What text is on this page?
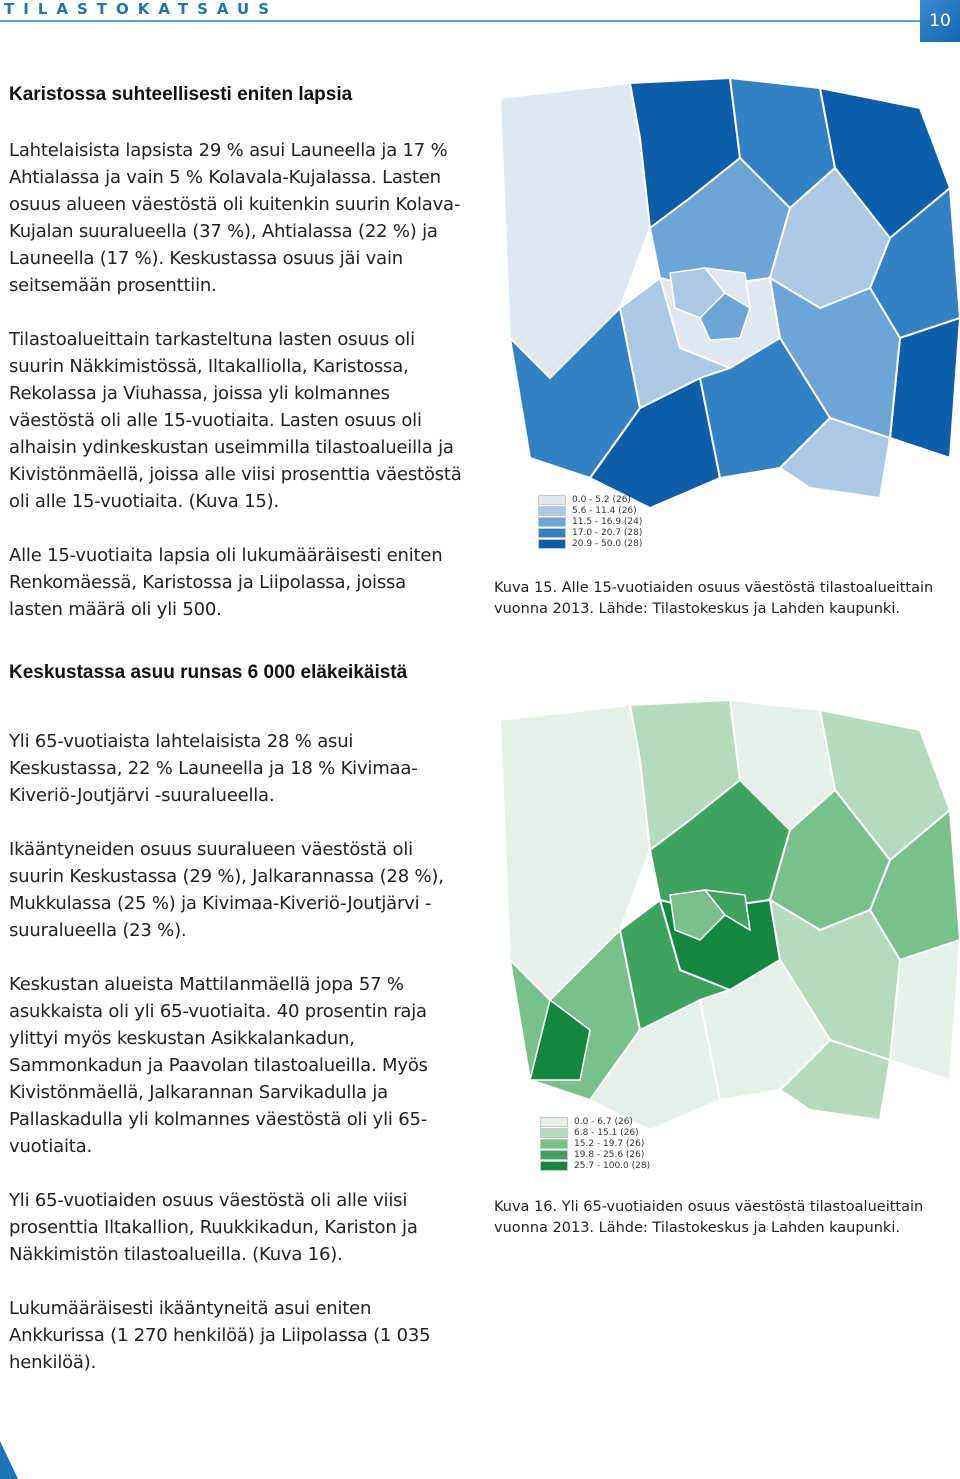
TILASTOKATSAUS
10
Karistossa suhteellisesti eniten lapsia

Lahtelaisista lapsista 29 % asui Launeella ja 17 % Ahtialassa ja vain 5 % Kolavala-Kujalassa. Lasten osuus alueen väestöstä oli kuitenkin suurin Kolava-Kujalan suuralueella (37 %), Ahtialassa (22 %) ja Launeella (17 %). Keskustassa osuus jäi vain seitsemään prosenttiin.

Tilastoalueittain tarkasteltuna lasten osuus oli suurin Näkkimistössä, Iltakalliolla, Karistossa, Rekolassa ja Viuhassa, joissa yli kolmannes väestöstä oli alle 15-vuotiaita. Lasten osuus oli alhaisin ydinkeskustan useimmilla tilastoalueilla ja Kivistönmäellä, joissa alle viisi prosenttia väestöstä oli alle 15-vuotiaita. (Kuva 15).

Alle 15-vuotiaita lapsia oli lukumääräisesti eniten Renkomäessä, Karistossa ja Liipolassa, joissa lasten määrä oli yli 500.

0.0 - 5.2 (26)
5.6 - 11.4 (26)
11.5 - 16.9 (24)
17.0 - 20.7 (28)
20.9 - 50.0 (28)
Kuva 15. Alle 15-vuotiaiden osuus väestöstä tilastoalueittain vuonna 2013. Lähde: Tilastokeskus ja Lahden kaupunki.
Keskustassa asuu runsas 6 000 eläkeikäistä

Yli 65-vuotiaista lahtelaisista 28 % asui Keskustassa, 22 % Launeella ja 18 % Kivimaa-Kiveriö-Joutjärvi -suuralueella.

Ikääntyneiden osuus suuralueen väestöstä oli suurin Keskustassa (29 %), Jalkarannassa (28 %), Mukkulassa (25 %) ja Kivimaa-Kiveriö-Joutjärvi -suuralueella (23 %).

Keskustan alueista Mattilanmäellä jopa 57 % asukkaista oli yli 65-vuotiaita. 40 prosentin raja ylittyi myös keskustan Asikkalankadun, Sammonkadun ja Paavolan tilastoalueilla. Myös Kivistönmäellä, Jalkarannan Sarvikadulla ja Pallaskadulla yli kolmannes väestöstä oli yli 65-vuotiaita.

Yli 65-vuotiaiden osuus väestöstä oli alle viisi prosenttia Iltakallion, Ruukkikadun, Kariston ja Näkkimistön tilastoalueilla. (Kuva 16).

Lukumääräisesti ikääntyneitä asui eniten Ankkurissa (1 270 henkilöä) ja Liipolassa (1 035 henkilöä).

0.0 - 6.7 (26)
6.8 - 15.1 (26)
15.2 - 19.7 (26)
19.8 - 25.6 (26)
25.7 - 100.0 (28)
Kuva 16. Yli 65-vuotiaiden osuus väestöstä tilastoalueittain vuonna 2013. Lähde: Tilastokeskus ja Lahden kaupunki.
